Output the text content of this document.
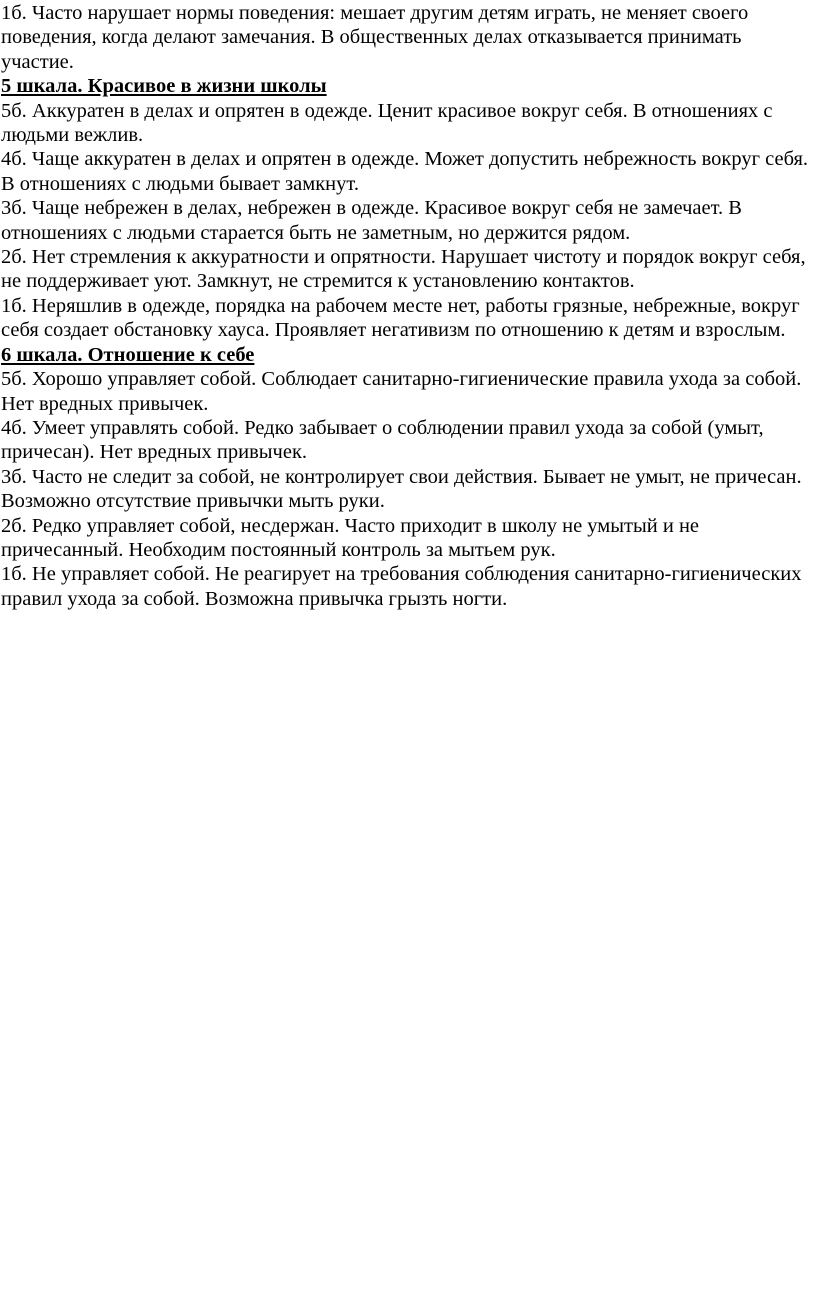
1б. Часто нарушает нормы поведения: мешает другим детям играть, не меняет своего поведения, когда делают замечания. В общественных делах отказывается принимать участие.

5 шкала. Красивое в жизни школы

5б. Аккуратен в делах и опрятен в одежде. Ценит красивое вокруг себя. В отношениях с людьми вежлив.

4б. Чаще аккуратен в делах и опрятен в одежде. Может допустить небрежность вокруг себя. В отношениях с людьми бывает замкнут.

3б. Чаще небрежен в делах, небрежен в одежде. Красивое вокруг себя не замечает. В отношениях с людьми старается быть не заметным, но держится рядом.

2б. Нет стремления к аккуратности и опрятности. Нарушает чистоту и порядок вокруг себя, не поддерживает уют. Замкнут, не стремится к установлению контактов.

1б. Неряшлив в одежде, порядка на рабочем месте нет, работы грязные, небрежные, вокруг себя создает обстановку хауса. Проявляет негативизм по отношению к детям и взрослым.

6 шкала. Отношение к себе

5б. Хорошо управляет собой. Соблюдает санитарно-гигиенические правила ухода за собой. Нет вредных привычек.

4б. Умеет управлять собой. Редко забывает о соблюдении правил ухода за собой (умыт, причесан). Нет вредных привычек.

3б. Часто не следит за собой, не контролирует свои действия. Бывает не умыт, не причесан. Возможно отсутствие привычки мыть руки.

2б. Редко управляет собой, несдержан. Часто приходит в школу не умытый и не причесанный. Необходим постоянный контроль за мытьем рук.

1б. Не управляет собой. Не реагирует на требования соблюдения санитарно-гигиенических правил ухода за собой. Возможна привычка грызть ногти.
